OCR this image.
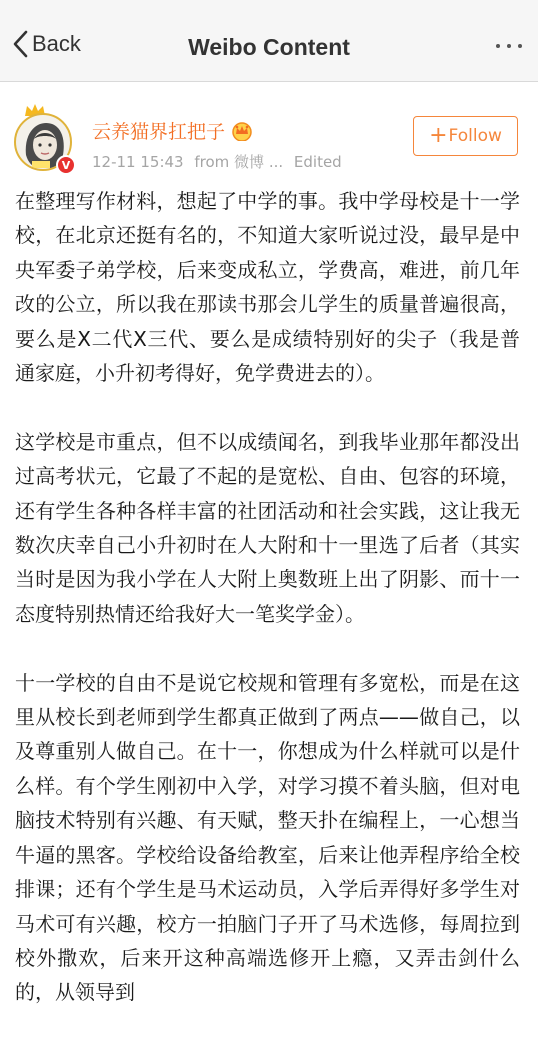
Back	Weibo Content
V
云养猫界扛把子
12-11 15:43 from 微博 ... Edited
+ Follow

在整理写作材料，想起了中学的事。我中学母校是十一学校，在北京还挺有名的，不知道大家听说过没，最早是中央军委子弟学校，后来变成私立，学费高，难进，前几年改的公立，所以我在那读书那会儿学生的质量普遍很高，要么是X二代X三代、要么是成绩特别好的尖子（我是普通家庭，小升初考得好，免学费进去的）。

这学校是市重点，但不以成绩闻名，到我毕业那年都没出过高考状元，它最了不起的是宽松、自由、包容的环境，还有学生各种各样丰富的社团活动和社会实践，这让我无数次庆幸自己小升初时在人大附和十一里选了后者（其实当时是因为我小学在人大附上奥数班上出了阴影、而十一态度特别热情还给我好大一笔奖学金）。

十一学校的自由不是说它校规和管理有多宽松，而是在这里从校长到老师到学生都真正做到了两点——做自己，以及尊重别人做自己。在十一，你想成为什么样就可以是什么样。有个学生刚初中入学，对学习摸不着头脑，但对电脑技术特别有兴趣、有天赋，整天扑在编程上，一心想当牛逼的黑客。学校给设备给教室，后来让他弄程序给全校排课；还有个学生是马术运动员，入学后弄得好多学生对马术可有兴趣，校方一拍脑门子开了马术选修，每周拉到校外撒欢，后来开这种高端选修开上瘾，又弄击剑什么的，从领导到
